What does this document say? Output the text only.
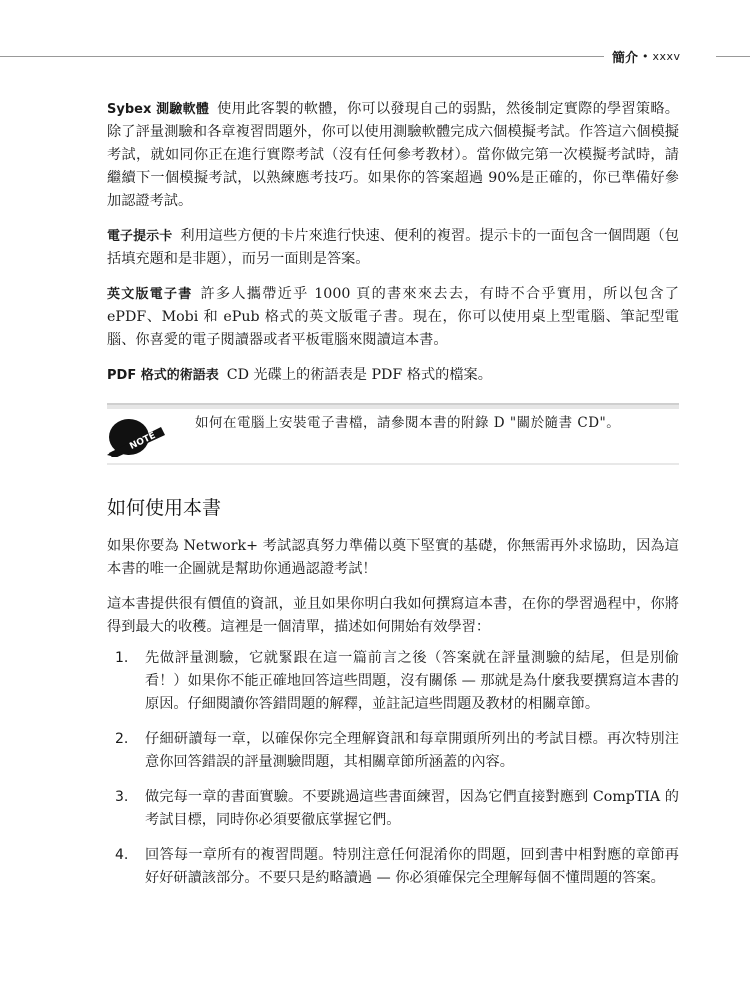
簡介 • xxxv

Sybex 測驗軟體 使用此客製的軟體，你可以發現自己的弱點，然後制定實際的學習策略。除了評量測驗和各章複習問題外，你可以使用測驗軟體完成六個模擬考試。作答這六個模擬考試，就如同你正在進行實際考試（沒有任何參考教材）。當你做完第一次模擬考試時，請繼續下一個模擬考試，以熟練應考技巧。如果你的答案超過 90%是正確的，你已準備好參加認證考試。

電子提示卡 利用這些方便的卡片來進行快速、便利的複習。提示卡的一面包含一個問題（包括填充題和是非題），而另一面則是答案。

英文版電子書 許多人攜帶近乎 1000 頁的書來來去去，有時不合乎實用，所以包含了 ePDF、Mobi 和 ePub 格式的英文版電子書。現在，你可以使用桌上型電腦、筆記型電腦、你喜愛的電子閱讀器或者平板電腦來閱讀這本書。

PDF 格式的術語表 CD 光碟上的術語表是 PDF 格式的檔案。

NOTE
如何在電腦上安裝電子書檔，請參閱本書的附錄 D "關於隨書 CD"。
如何使用本書

如果你要為 Network+ 考試認真努力準備以奠下堅實的基礎，你無需再外求協助，因為這本書的唯一企圖就是幫助你通過認證考試！

這本書提供很有價值的資訊，並且如果你明白我如何撰寫這本書，在你的學習過程中，你將得到最大的收穫。這裡是一個清單，描述如何開始有效學習：

1. 先做評量測驗，它就緊跟在這一篇前言之後（答案就在評量測驗的結尾，但是別偷看！）如果你不能正確地回答這些問題，沒有關係 — 那就是為什麼我要撰寫這本書的原因。仔細閱讀你答錯問題的解釋，並註記這些問題及教材的相關章節。
2. 仔細研讀每一章，以確保你完全理解資訊和每章開頭所列出的考試目標。再次特別注意你回答錯誤的評量測驗問題，其相關章節所涵蓋的內容。
3. 做完每一章的書面實驗。不要跳過這些書面練習，因為它們直接對應到 CompTIA 的考試目標，同時你必須要徹底掌握它們。
4. 回答每一章所有的複習問題。特別注意任何混淆你的問題，回到書中相對應的章節再好好研讀該部分。不要只是約略讀過 — 你必須確保完全理解每個不懂問題的答案。
